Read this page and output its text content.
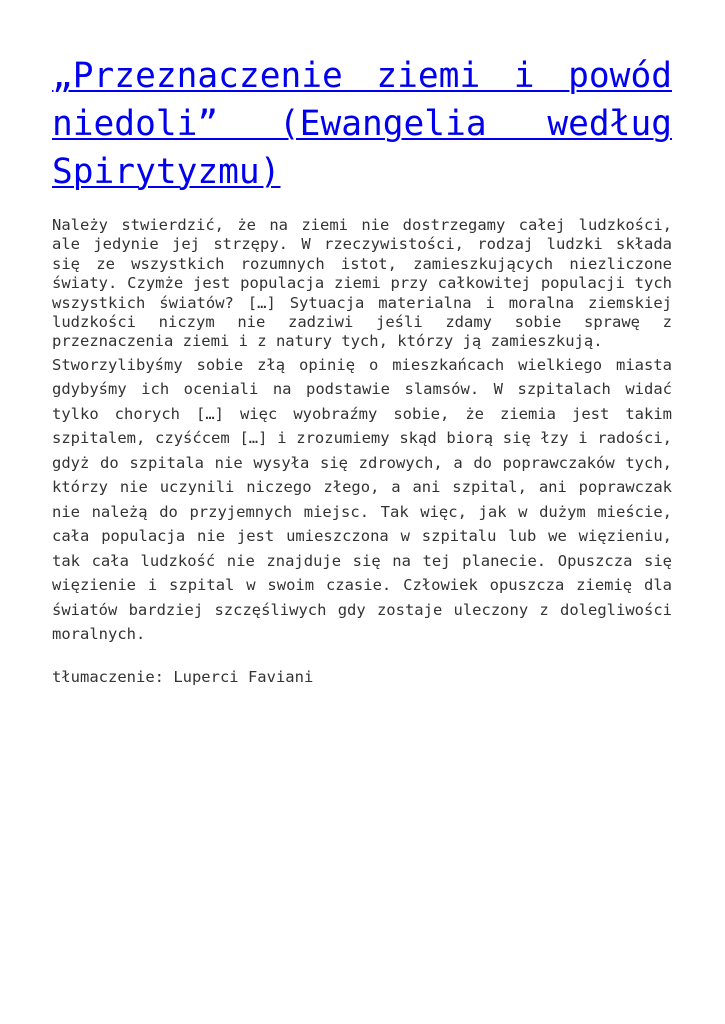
„Przeznaczenie ziemi i powód niedoli” (Ewangelia według Spirytyzmu)

Należy stwierdzić, że na ziemi nie dostrzegamy całej ludzkości, ale jedynie jej strzępy. W rzeczywistości, rodzaj ludzki składa się ze wszystkich rozumnych istot, zamieszkujących niezliczone światy. Czymże jest populacja ziemi przy całkowitej populacji tych wszystkich światów? […] Sytuacja materialna i moralna ziemskiej ludzkości niczym nie zadziwi jeśli zdamy sobie sprawę z przeznaczenia ziemi i z natury tych, którzy ją zamieszkują.

Stworzylibyśmy sobie złą opinię o mieszkańcach wielkiego miasta gdybyśmy ich oceniali na podstawie slamsów. W szpitalach widać tylko chorych […] więc wyobraźmy sobie, że ziemia jest takim szpitalem, czyśćcem […] i zrozumiemy skąd biorą się łzy i radości, gdyż do szpitala nie wysyła się zdrowych, a do poprawczaków tych, którzy nie uczynili niczego złego, a ani szpital, ani poprawczak nie należą do przyjemnych miejsc. Tak więc, jak w dużym mieście, cała populacja nie jest umieszczona w szpitalu lub we więzieniu, tak cała ludzkość nie znajduje się na tej planecie. Opuszcza się więzienie i szpital w swoim czasie. Człowiek opuszcza ziemię dla światów bardziej szczęśliwych gdy zostaje uleczony z dolegliwości moralnych.

tłumaczenie: Luperci Faviani
